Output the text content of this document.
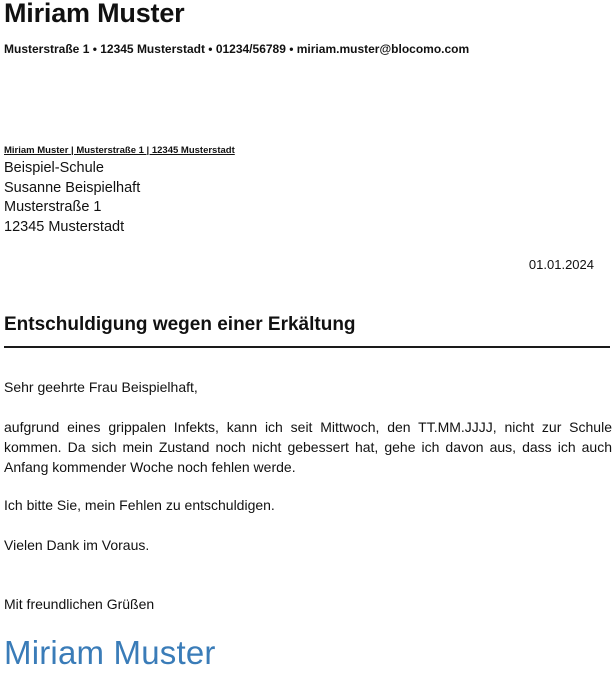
Miriam Muster
Musterstraße 1 • 12345 Musterstadt • 01234/56789 • miriam.muster@blocomo.com
Miriam Muster | Musterstraße 1 | 12345 Musterstadt
Beispiel-Schule
Susanne Beispielhaft
Musterstraße 1
12345 Musterstadt
01.01.2024
Entschuldigung wegen einer Erkältung
Sehr geehrte Frau Beispielhaft,
aufgrund eines grippalen Infekts, kann ich seit Mittwoch, den TT.MM.JJJJ, nicht zur Schule
kommen. Da sich mein Zustand noch nicht gebessert hat, gehe ich davon aus, dass ich auch
Anfang kommender Woche noch fehlen werde.
Ich bitte Sie, mein Fehlen zu entschuldigen.
Vielen Dank im Voraus.
Mit freundlichen Grüßen
Miriam Muster
